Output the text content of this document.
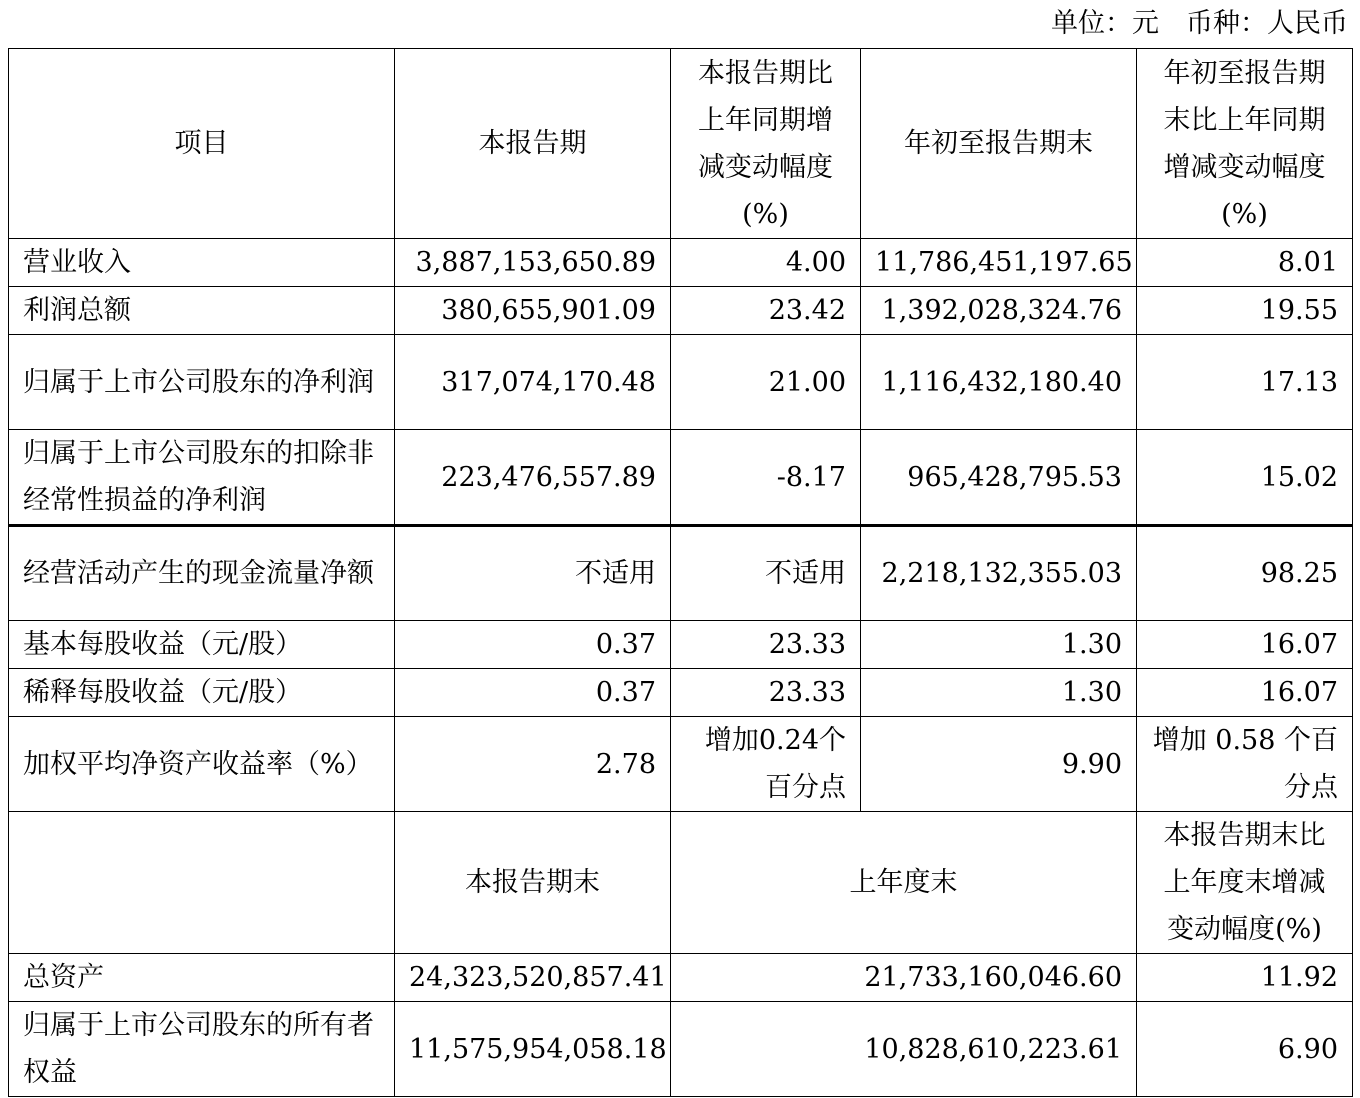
单位：元　币种：人民币
项目	本报告期	本报告期比上年同期增减变动幅度(%)	年初至报告期末	年初至报告期末比上年同期增减变动幅度(%)
营业收入	3,887,153,650.89	4.00	11,786,451,197.65	8.01
利润总额	380,655,901.09	23.42	1,392,028,324.76	19.55
归属于上市公司股东的净利润	317,074,170.48	21.00	1,116,432,180.40	17.13
归属于上市公司股东的扣除非经常性损益的净利润	223,476,557.89	-8.17	965,428,795.53	15.02
经营活动产生的现金流量净额	不适用	不适用	2,218,132,355.03	98.25
基本每股收益（元/股）	0.37	23.33	1.30	16.07
稀释每股收益（元/股）	0.37	23.33	1.30	16.07
加权平均净资产收益率（%）	2.78	增加0.24个百分点	9.90	增加 0.58 个百分点
	本报告期末	上年度末		本报告期末比上年度末增减变动幅度(%)
总资产	24,323,520,857.41	21,733,160,046.60		11.92
归属于上市公司股东的所有者权益	11,575,954,058.18	10,828,610,223.61		6.90
